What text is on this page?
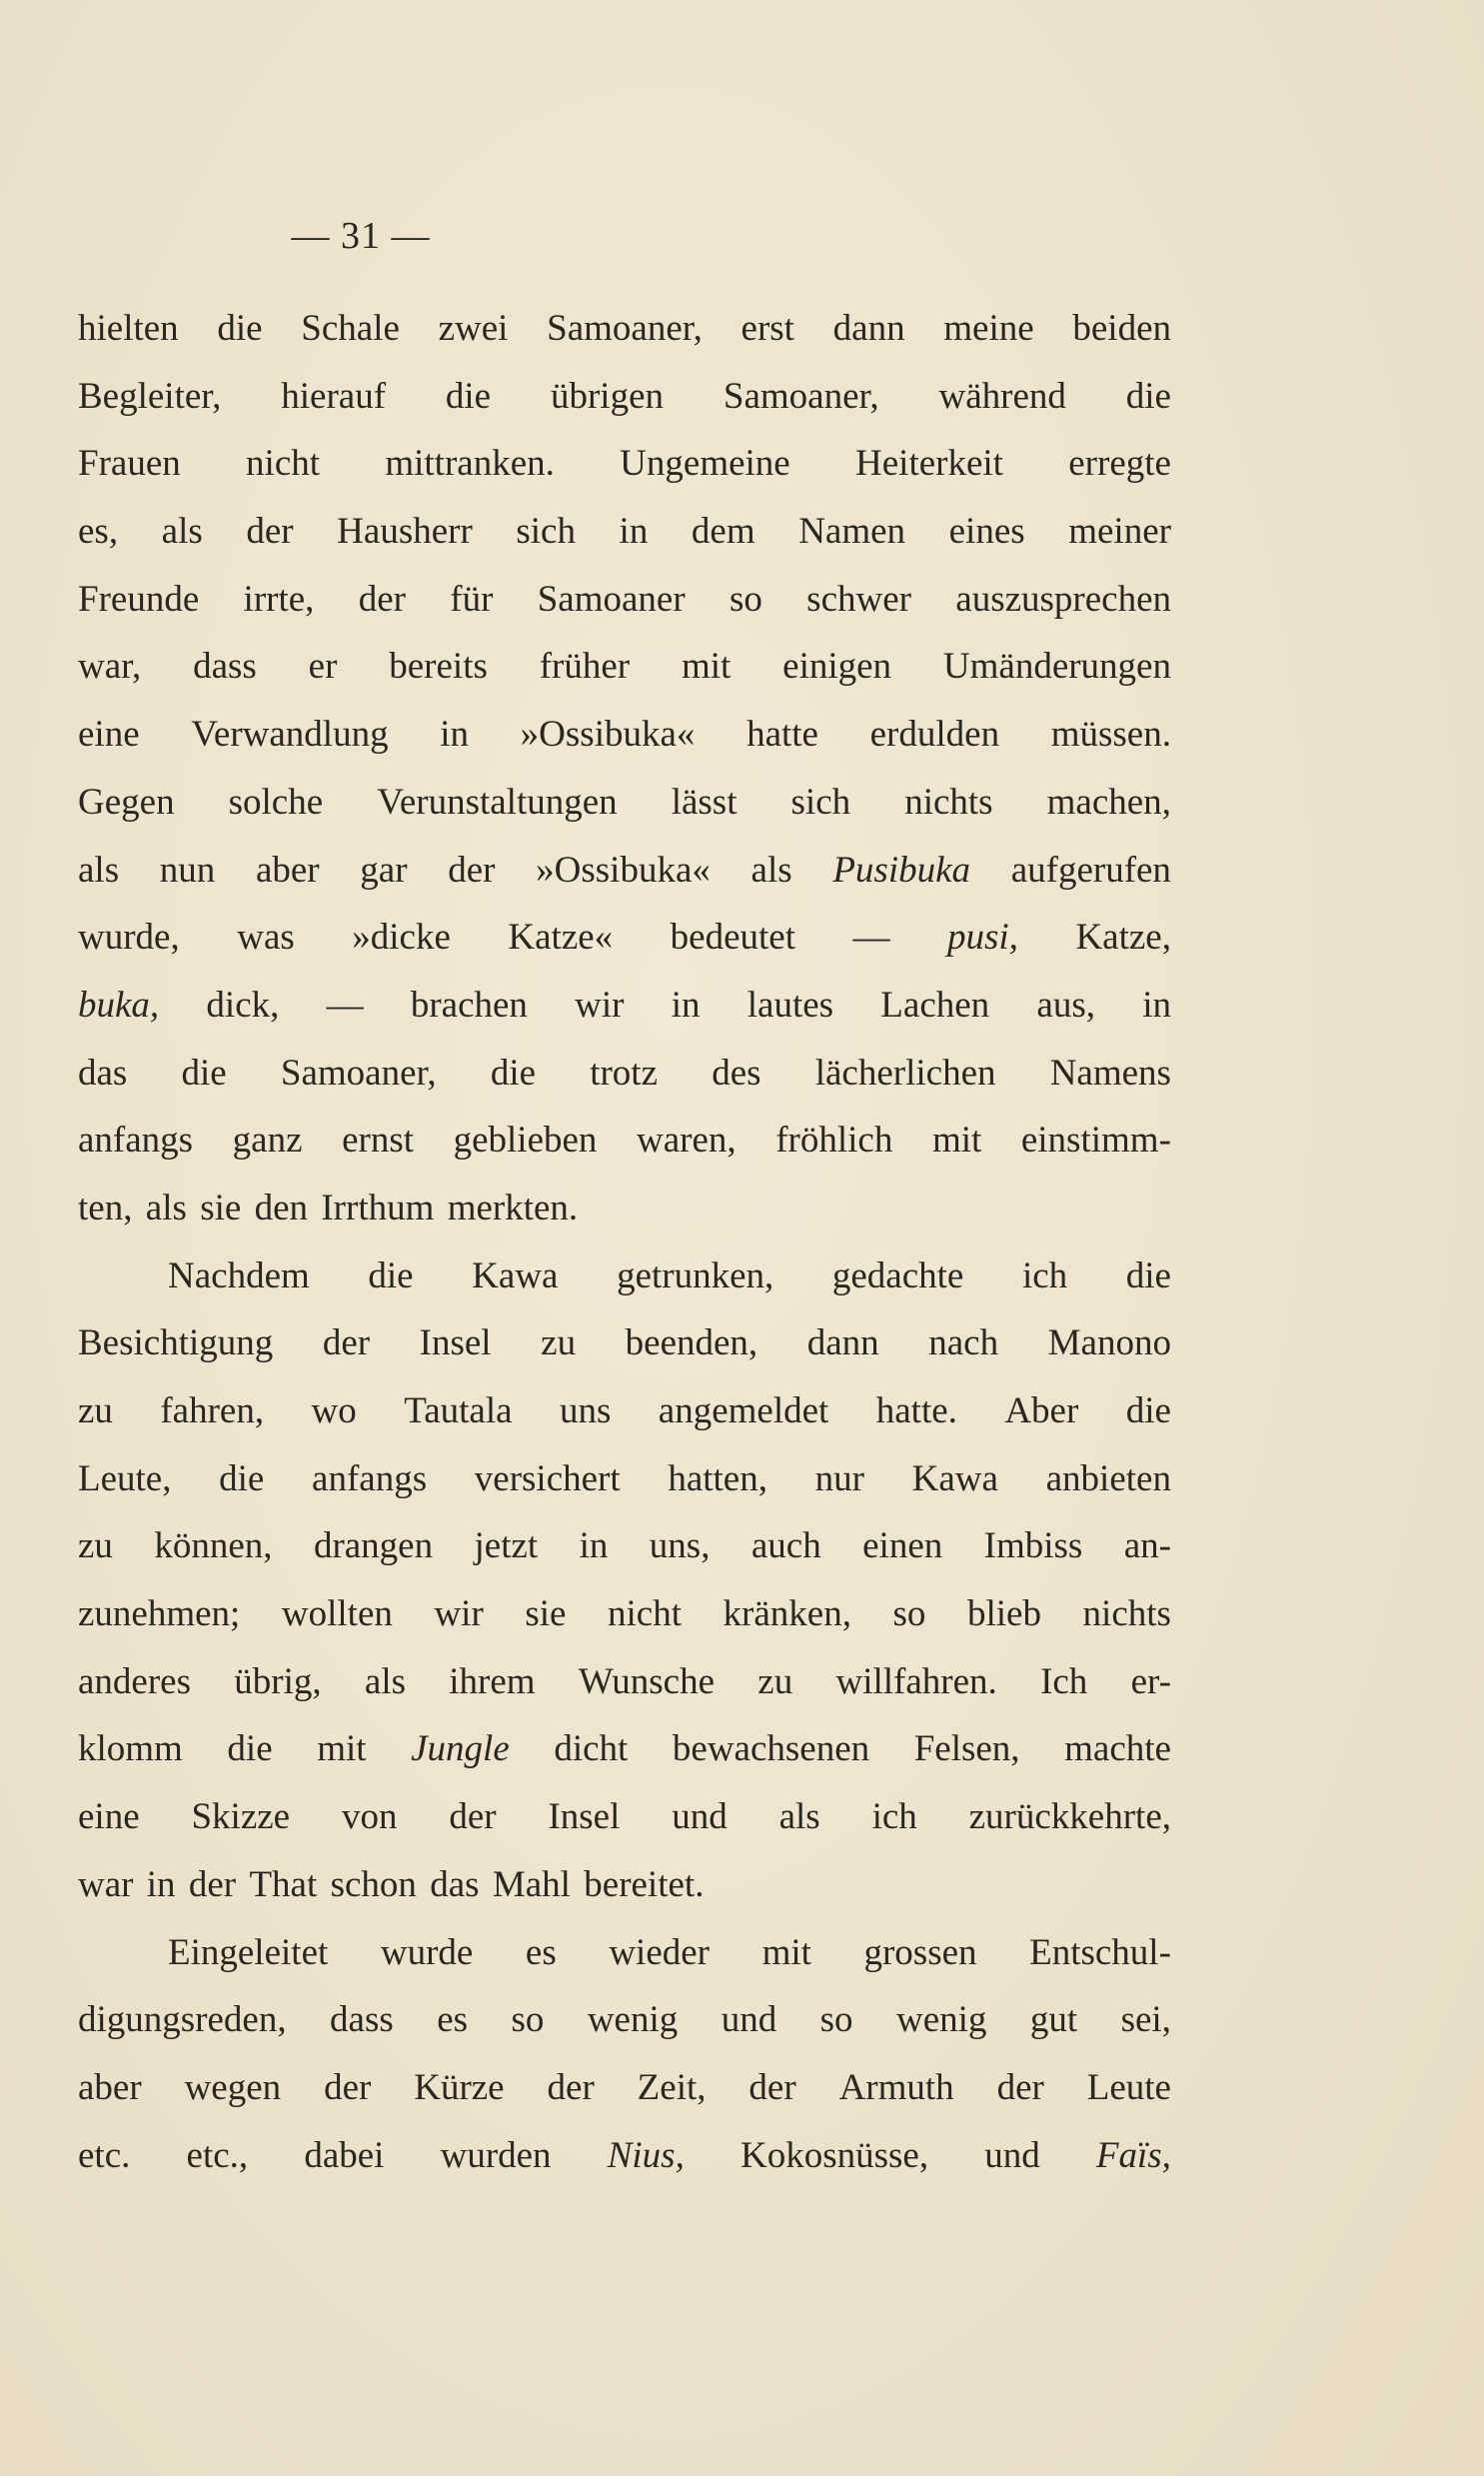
— 31 —
hielten die Schale zwei Samoaner, erst dann meine beiden
Begleiter, hierauf die übrigen Samoaner, während die
Frauen nicht mittranken. Ungemeine Heiterkeit erregte
es, als der Hausherr sich in dem Namen eines meiner
Freunde irrte, der für Samoaner so schwer auszusprechen
war, dass er bereits früher mit einigen Umänderungen
eine Verwandlung in »Ossibuka« hatte erdulden müssen.
Gegen solche Verunstaltungen lässt sich nichts machen,
als nun aber gar der »Ossibuka« als Pusibuka aufgerufen
wurde, was »dicke Katze« bedeutet — pusi, Katze,
buka, dick, — brachen wir in lautes Lachen aus, in
das die Samoaner, die trotz des lächerlichen Namens
anfangs ganz ernst geblieben waren, fröhlich mit einstimm-
ten, als sie den Irrthum merkten.
Nachdem die Kawa getrunken, gedachte ich die
Besichtigung der Insel zu beenden, dann nach Manono
zu fahren, wo Tautala uns angemeldet hatte. Aber die
Leute, die anfangs versichert hatten, nur Kawa anbieten
zu können, drangen jetzt in uns, auch einen Imbiss an-
zunehmen; wollten wir sie nicht kränken, so blieb nichts
anderes übrig, als ihrem Wunsche zu willfahren. Ich er-
klomm die mit Jungle dicht bewachsenen Felsen, machte
eine Skizze von der Insel und als ich zurückkehrte,
war in der That schon das Mahl bereitet.
Eingeleitet wurde es wieder mit grossen Entschul-
digungsreden, dass es so wenig und so wenig gut sei,
aber wegen der Kürze der Zeit, der Armuth der Leute
etc. etc., dabei wurden Nius, Kokosnüsse, und Faïs,
